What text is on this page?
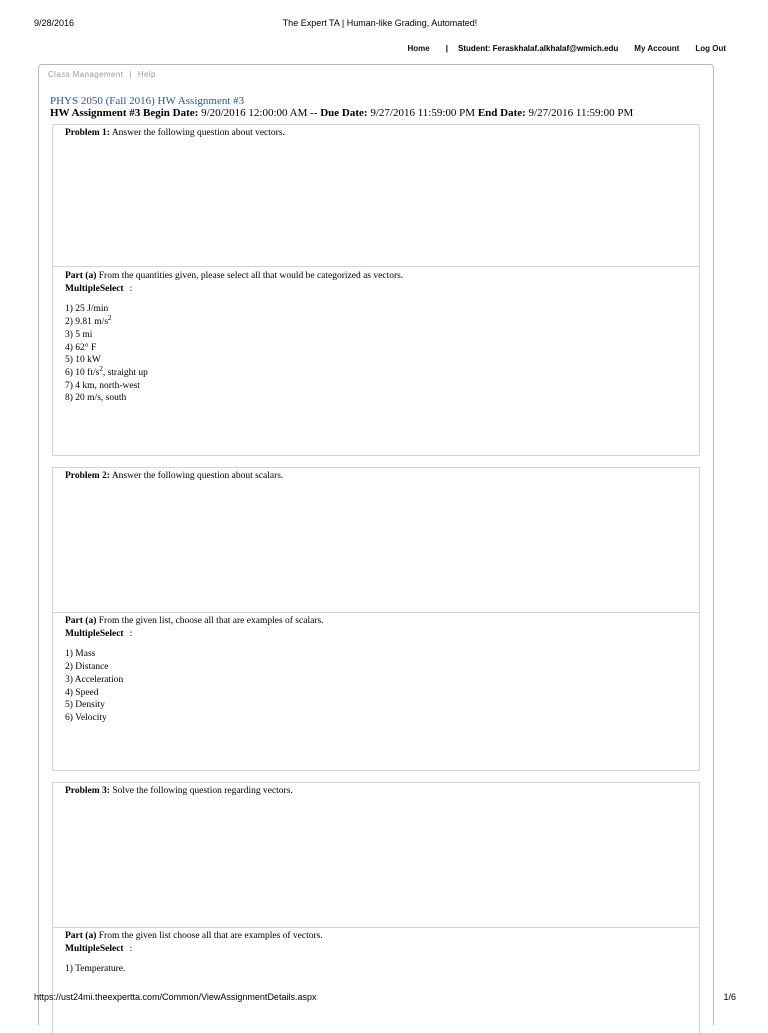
9/28/2016	The Expert TA | Human-like Grading, Automated!
Home | Student: Feraskhalaf.alkhalaf@wmich.edu My Account Log Out
Class Management | Help
PHYS 2050 (Fall 2016) HW Assignment #3
HW Assignment #3 Begin Date: 9/20/2016 12:00:00 AM -- Due Date: 9/27/2016 11:59:00 PM End Date: 9/27/2016 11:59:00 PM
Problem 1: Answer the following question about vectors.
Part (a) From the quantities given, please select all that would be categorized as vectors.
MultipleSelect :
1) 25 J/min
2) 9.81 $m/s^2$
3) 5 mi
4) 62° F
5) 10 kW
6) 10 $ft/s^2$, straight up
7) 4 km, north-west
8) 20 m/s, south
Problem 2: Answer the following question about scalars.
Part (a) From the given list, choose all that are examples of scalars.
MultipleSelect :
1) Mass
2) Distance
3) Acceleration
4) Speed
5) Density
6) Velocity
Problem 3: Solve the following question regarding vectors.
Part (a) From the given list choose all that are examples of vectors.
MultipleSelect :
1) Temperature.
https://ust24mi.theexpertta.com/Common/ViewAssignmentDetails.aspx	1/6
